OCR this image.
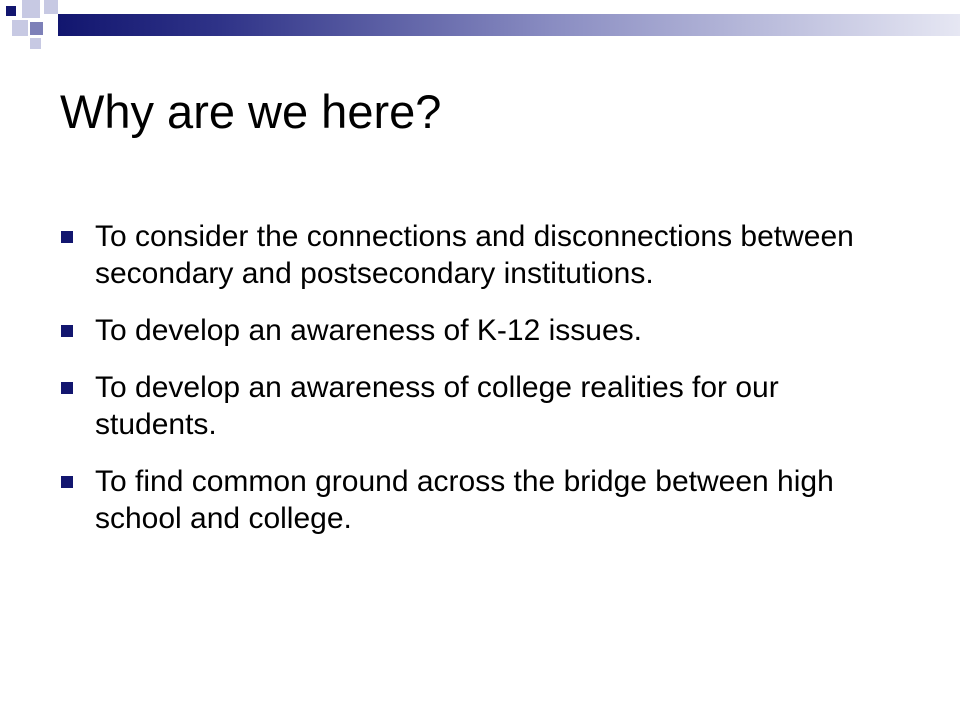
Why are we here?
To consider the connections and disconnections between secondary and postsecondary institutions.
To develop an awareness of K-12 issues.
To develop an awareness of college realities for our students.
To find common ground across the bridge between high school and college.
